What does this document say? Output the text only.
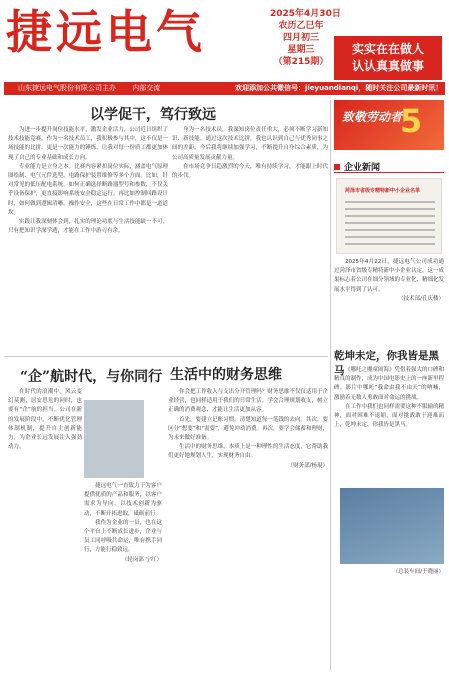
捷远电气	2025年4月30日
农历乙巳年
四月初三
星期三
（第215期）
实实在在做人
认认真真做事
山东捷远电气股份有限公司主办 内部交流	欢迎添加公共微信号：jieyuandianqi，随时关注公司最新时讯！
以学促干，笃行致远

为进一步提升岗位技能水平，激发企业活力，公司近日组织了技术技能竞赛，作为一名技术员工，我积极参与其中，这不仅是一场技能的比拼，更是一次能力的锤炼，让我对每一份质工都更加体现了自己的专业基础和成长方向。

专业能力是立身之本。比赛内容紧扣岗位实际，涵盖电气原理图绘制、电气元件选型、电路保护装置维修等多个方面。比如，针对常见的低压配电系统，如何正确选择断路器型号和参数，不仅关乎设备保护，更直接影响系统安全稳定运行。再比如控制回路设计时，如何做到逻辑清晰，操作安全，这些在日常工作中都是一道道坎。

实践让我深刻体会到，扎实的理论功底与生活技能缺一不可，只有把知识学深学透，才能在工作中游刃有余。

身为一名技术员，我深知岗位责任重大，必须不断学习新知识、新技能。通过这次技术比拼，我也认识到自己与优秀同事之间的差距。今后我将继续加强学习，不断提升自身综合素质，为公司高质量发展贡献力量。

在市场竞争日趋激烈的今天，唯有持续学习，才能跟上时代的步伐。

致敬劳动者
5
企业新闻
菏泽市省级专精特新中小企业名单

2025年4月22日，捷远电气公司成功通过菏泽市省级专精特新中小企业认定。这一成果标志着公司在细分领域的专业化、精细化发展水平得到了认可。

（技术部/孔庆楼）

乾坤未定，你我皆是黑马 《哪吒之魔童闹海》凭借着强大的口碑和精良的制作，成为中国电影史上的一座新里程碑。影片中哪吒“我命由我不由天”的呐喊，激励着无数人勇敢面对命运的挑战。

在工作中我们也同样需要这种不服输的精神，面对困难不退缩，面对挑战敢于迎难而上，乾坤未定，你我皆是黑马。

（总装车间/王晓丽）

“企”航时代，与你同行

在时代的浪潮中，风云变幻莫测，居安思危的同时，也要有“企”航的担当。公司在新的发展阶段中，不断优化管理体制机制，提升自主创新能力，为企业长远发展注入强劲动力。

捷远电气一直致力于为客户提供优质的产品和服务，以客户需求为导向，以技术创新为驱动，不断开拓进取，砥砺前行。

我作为企业的一员，也在这个平台上不断成长进步，企业与员工同呼吸共命运，唯有携手同行，方能行稳致远。

（轮岗部 宁红）

生活中的财务思维

你会把工作收入与支出分开管理吗？财务思维不仅仅适用于企业经营，也同样适用于我们的日常生活。学会合理规划收支，树立正确的消费观念，才能让生活更加从容。

首先，要建立记账习惯，清楚知道每一笔钱的去向。其次，要区分“想要”和“需要”，避免冲动消费。再次，要学会储蓄和理财，为未来做好准备。

生活中的财务思维，本质上是一种理性的生活态度，它帮助我们更好地规划人生，实现财务自由。

（财务部/杨琨）
